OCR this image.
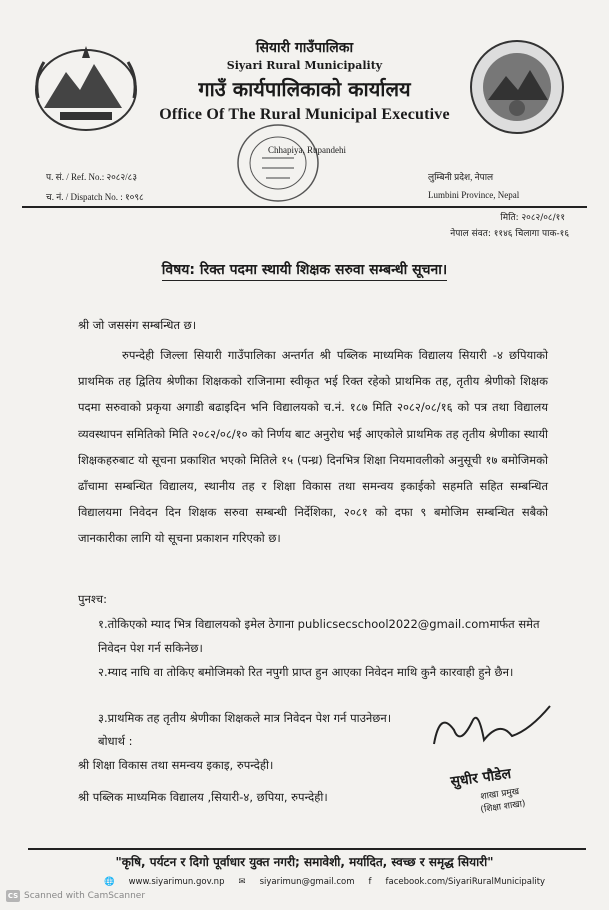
सियारी गाउँपालिका
Siyari Rural Municipality
गाउँ कार्यपालिकाको कार्यालय
Office Of The Rural Municipal Executive
Chhapiya, Rupandehi
प. सं. / Ref. No.: २०८२/८३
च. नं. / Dispatch No. : १०९८
लुम्बिनी प्रदेश, नेपाल
Lumbini Province, Nepal
मिति: २०८२/०८/११
नेपाल संवत: ११४६ चिलागा पाक-१६
विषय: रिक्त पदमा स्थायी शिक्षक सरुवा सम्बन्धी सूचना।
श्री जो जससंग सम्बन्धित छ।
रुपन्देही जिल्ला सियारी गाउँपालिका अन्तर्गत श्री पब्लिक माध्यमिक विद्यालय सियारी -४ छपियाको प्राथमिक तह द्वितिय श्रेणीका शिक्षकको राजिनामा स्वीकृत भई रिक्त रहेको प्राथमिक तह, तृतीय श्रेणीको शिक्षक पदमा सरुवाको प्रकृया अगाडी बढाइदिन भनि विद्यालयको च.नं. १८७ मिति २०८२/०८/१६ को पत्र तथा विद्यालय व्यवस्थापन समितिको मिति २०८२/०८/१० को निर्णय बाट अनुरोध भई आएकोले प्राथमिक तह तृतीय श्रेणीका स्थायी शिक्षकहरुबाट यो सूचना प्रकाशित भएको मितिले १५ (पन्ध्र) दिनभित्र शिक्षा नियमावलीको अनुसूची १७ बमोजिमको ढाँचामा सम्बन्धित विद्यालय, स्थानीय तह र शिक्षा विकास तथा समन्वय इकाईको सहमति सहित सम्बन्धित विद्यालयमा निवेदन दिन शिक्षक सरुवा सम्बन्धी निर्देशिका, २०८१ को दफा ९ बमोजिम सम्बन्धित सबैको जानकारीका लागि यो सूचना प्रकाशन गरिएको छ।
पुनश्च:
१.तोकिएको म्याद भित्र विद्यालयको इमेल ठेगाना publicsecschool2022@gmail.comमार्फत समेत निवेदन पेश गर्न सकिनेछ।
२.म्याद नाघि वा तोकिए बमोजिमको रित नपुगी प्राप्त हुन आएका निवेदन माथि कुनै कारवाही हुने छैन।
३.प्राथमिक तह तृतीय श्रेणीका शिक्षकले मात्र निवेदन पेश गर्न पाउनेछन।
बोधार्थ :
श्री शिक्षा विकास तथा समन्वय इकाइ, रुपन्देही।
श्री पब्लिक माध्यमिक विद्यालय ,सियारी-४, छपिया, रुपन्देही।
सुधीर पौडेल
शाखा प्रमुख
(शिक्षा शाखा)
"कृषि, पर्यटन र दिगो पूर्वाधार युक्त नगरी; समावेशी, मर्यादित, स्वच्छ र समृद्ध सियारी"
🌐 www.siyarimun.gov.np ✉ siyarimun@gmail.com f facebook.com/SiyariRuralMunicipality
CS Scanned with CamScanner
